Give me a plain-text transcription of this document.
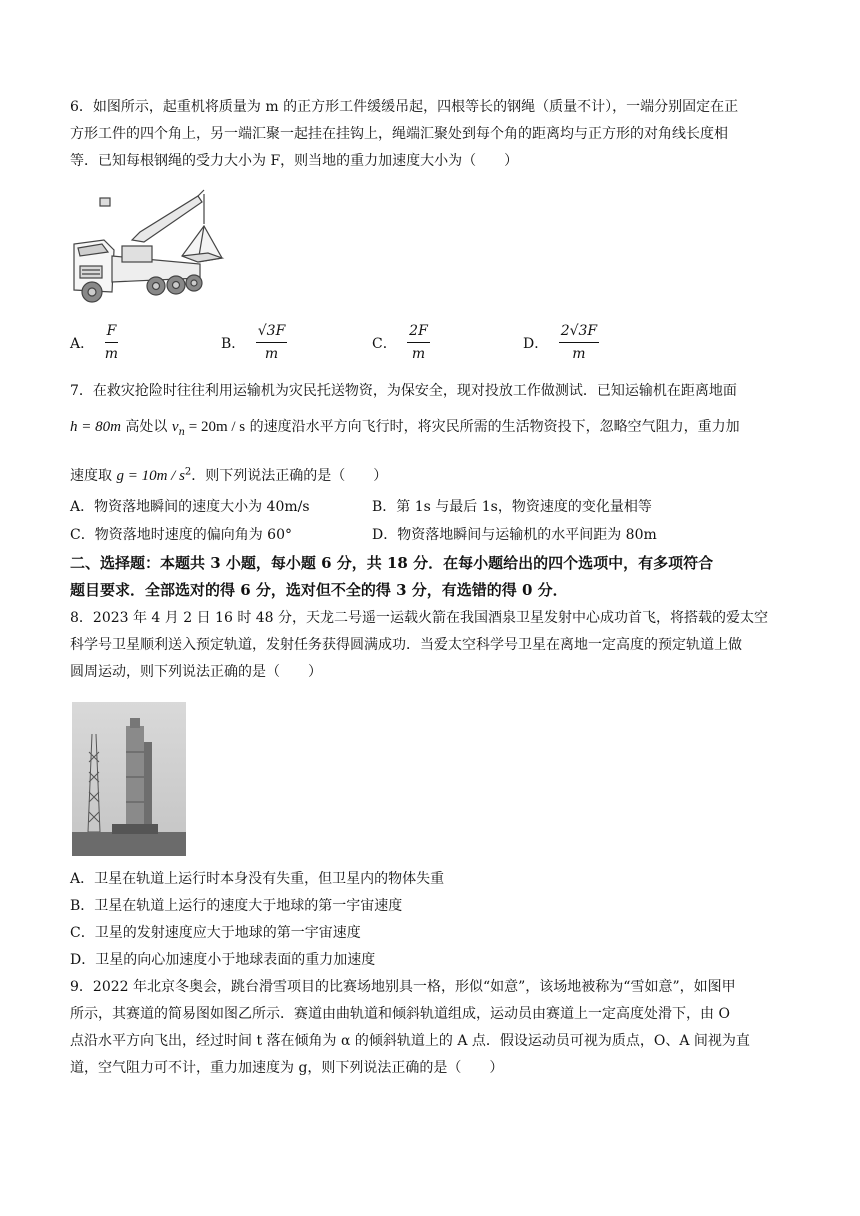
6．如图所示，起重机将质量为 m 的正方形工件缓缓吊起，四根等长的钢绳（质量不计），一端分别固定在正
方形工件的四个角上，另一端汇聚一起挂在挂钩上，绳端汇聚处到每个角的距离均与正方形的对角线长度相
等．已知每根钢绳的受力大小为 F，则当地的重力加速度大小为（　　）
A． $\frac{F}{m}$	B． $\frac{√3F}{m}$	C． $\frac{2F}{m}$	D． $\frac{2√3F}{m}$
7．在救灾抢险时往往利用运输机为灾民托送物资，为保安全，现对投放工作做测试．已知运输机在距离地面
h = 80m 高处以 $v_n = 20m / s$ 的速度沿水平方向飞行时，将灾民所需的生活物资投下，忽略空气阻力，重力加
速度取 $g = 10m / s^2$．则下列说法正确的是（　　）
A．物资落地瞬间的速度大小为 40m/s	B．第 1s 与最后 1s，物资速度的变化量相等
C．物资落地时速度的偏向角为 60°	D．物资落地瞬间与运输机的水平间距为 80m
二、选择题：本题共 3 小题，每小题 6 分，共 18 分．在每小题给出的四个选项中，有多项符合
题目要求．全部选对的得 6 分，选对但不全的得 3 分，有选错的得 0 分．
8．2023 年 4 月 2 日 16 时 48 分，天龙二号遥一运载火箭在我国酒泉卫星发射中心成功首飞，将搭载的爱太空
科学号卫星顺利送入预定轨道，发射任务获得圆满成功．当爱太空科学号卫星在离地一定高度的预定轨道上做
圆周运动，则下列说法正确的是（　　）
A．卫星在轨道上运行时本身没有失重，但卫星内的物体失重
B．卫星在轨道上运行的速度大于地球的第一宇宙速度
C．卫星的发射速度应大于地球的第一宇宙速度
D．卫星的向心加速度小于地球表面的重力加速度
9．2022 年北京冬奥会，跳台滑雪项目的比赛场地别具一格，形似“如意”，该场地被称为“雪如意”，如图甲
所示，其赛道的简易图如图乙所示．赛道由曲轨道和倾斜轨道组成，运动员由赛道上一定高度处滑下，由 O
点沿水平方向飞出，经过时间 t 落在倾角为 α 的倾斜轨道上的 A 点．假设运动员可视为质点，O、A 间视为直
道，空气阻力可不计，重力加速度为 g，则下列说法正确的是（　　）
